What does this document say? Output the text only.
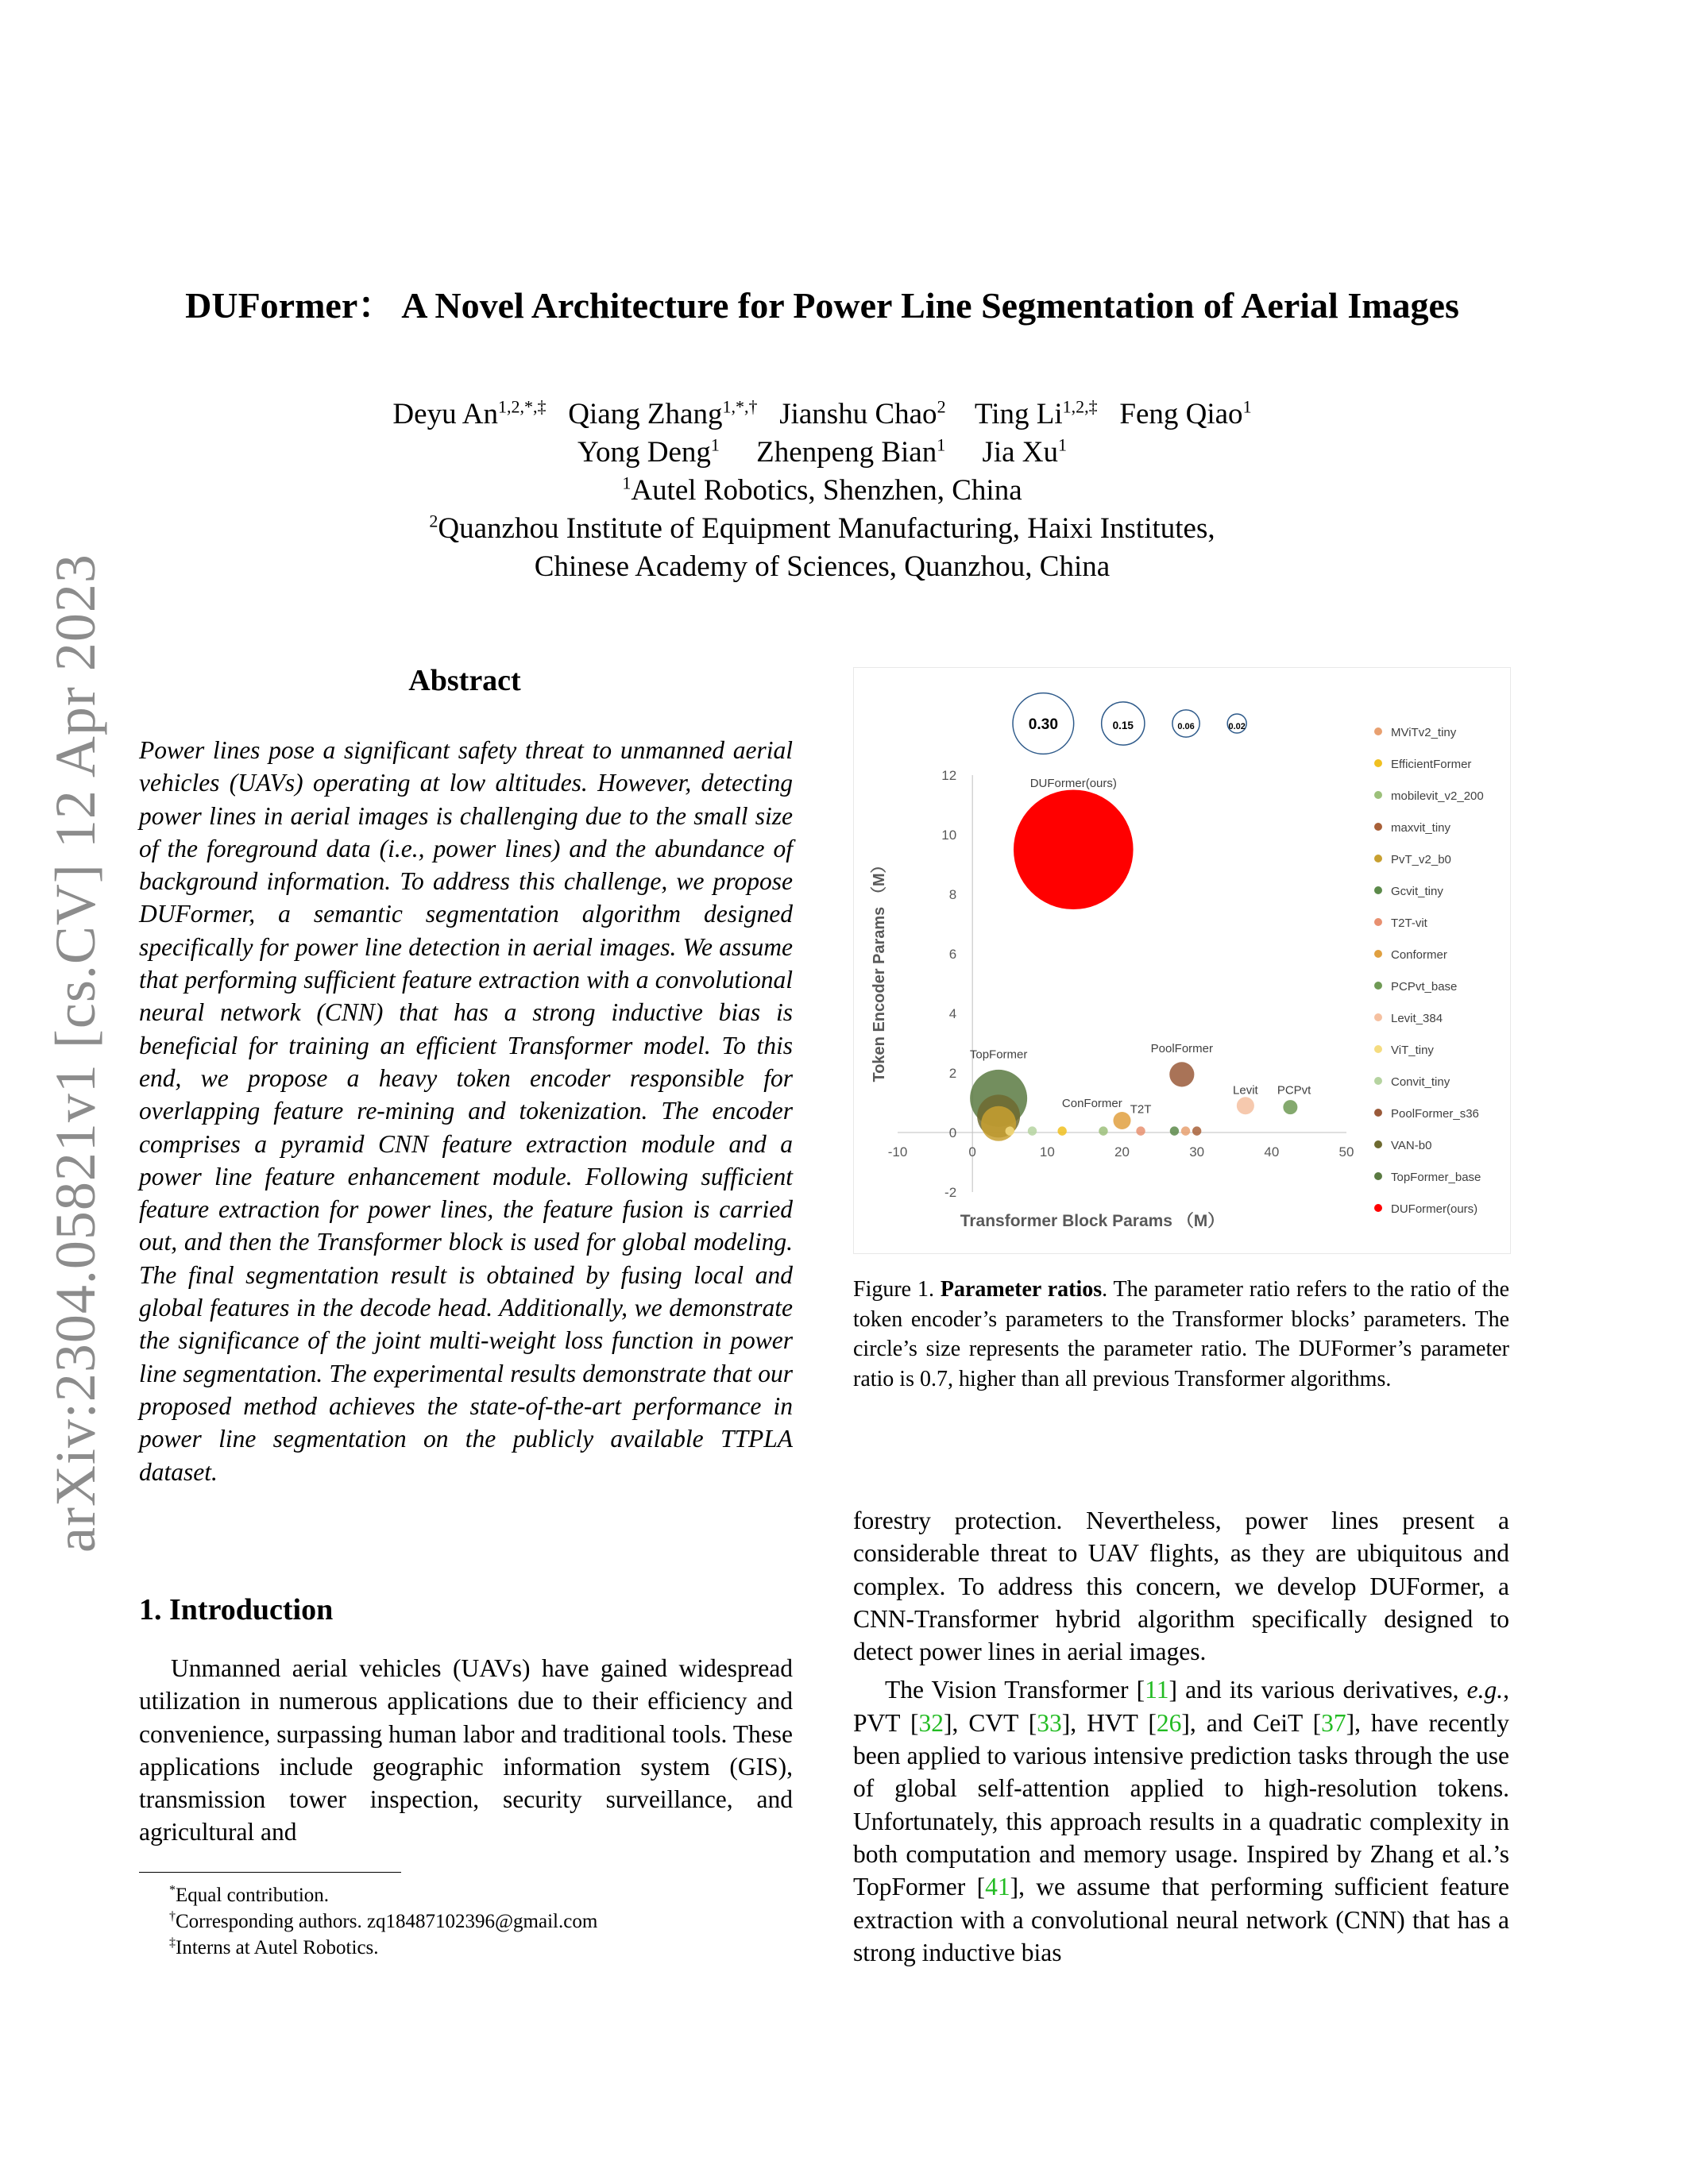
arXiv:2304.05821v1 [cs.CV] 12 Apr 2023
DUFormer： A Novel Architecture for Power Line Segmentation of Aerial Images
Deyu $An^{1,2,*,\ddagger}$ Qiang Zhang$^{1,*,\dagger}$ Jianshu Chao$^2$ Ting $Li^{1,2,\ddagger}$ Feng Qiao$^1$
Yong Deng$^1$ Zhenpeng Bian$^1$ Jia Xu$^1$
$^1$Autel Robotics, Shenzhen, China
$^2$Quanzhou Institute of Equipment Manufacturing, Haixi Institutes,
Chinese Academy of Sciences, Quanzhou, China
Abstract
Power lines pose a significant safety threat to unmanned aerial vehicles (UAVs) operating at low altitudes. However, detecting power lines in aerial images is challenging due to the small size of the foreground data (i.e., power lines) and the abundance of background information. To address this challenge, we propose DUFormer, a semantic segmentation algorithm designed specifically for power line detection in aerial images. We assume that performing sufficient feature extraction with a convolutional neural network (CNN) that has a strong inductive bias is beneficial for training an efficient Transformer model. To this end, we propose a heavy token encoder responsible for overlapping feature re-mining and tokenization. The encoder comprises a pyramid CNN feature extraction module and a power line feature enhancement module. Following sufficient feature extraction for power lines, the feature fusion is carried out, and then the Transformer block is used for global modeling. The final segmentation result is obtained by fusing local and global features in the decode head. Additionally, we demonstrate the significance of the joint multi-weight loss function in power line segmentation. The experimental results demonstrate that our proposed method achieves the state-of-the-art performance in power line segmentation on the publicly available TTPLA dataset.
1. Introduction
Unmanned aerial vehicles (UAVs) have gained widespread utilization in numerous applications due to their efficiency and convenience, surpassing human labor and traditional tools. These applications include geographic information system (GIS), transmission tower inspection, security surveillance, and agricultural and

*Equal contribution.

†Corresponding authors. zq18487102396@gmail.com

‡Interns at Autel Robotics.

0.30	0.15	0.06	0.02
-10	0	10	20	30	40	50
-2
0
2
4
6
8
10
12
DUFormer(ours)
TopFormer	PoolFormer
ConFormer T2T
Levit PCPvt
MViTv2_tiny
EfficientFormer
mobilevit_v2_200
maxvit_tiny
PvT_v2_b0
Gcvit_tiny
T2T-vit
Conformer
PCPvt_base
Levit_384
ViT_tiny
Convit_tiny
PoolFormer_s36
VAN-b0
TopFormer_base
DUFormer(ours)
Transformer Block Params （M）
Token Encoder Params （M）
Figure 1. Parameter ratios. The parameter ratio refers to the ratio of the token encoder’s parameters to the Transformer blocks’ parameters. The circle’s size represents the parameter ratio. The DUFormer’s parameter ratio is 0.7, higher than all previous Transformer algorithms.

forestry protection. Nevertheless, power lines present a considerable threat to UAV flights, as they are ubiquitous and complex. To address this concern, we develop DUFormer, a CNN-Transformer hybrid algorithm specifically designed to detect power lines in aerial images.

The Vision Transformer [11] and its various derivatives, e.g., PVT [32], CVT [33], HVT [26], and CeiT [37], have recently been applied to various intensive prediction tasks through the use of global self-attention applied to high-resolution tokens. Unfortunately, this approach results in a quadratic complexity in both computation and memory usage. Inspired by Zhang et al.’s TopFormer [41], we assume that performing sufficient feature extraction with a convolutional neural network (CNN) that has a strong inductive bias
